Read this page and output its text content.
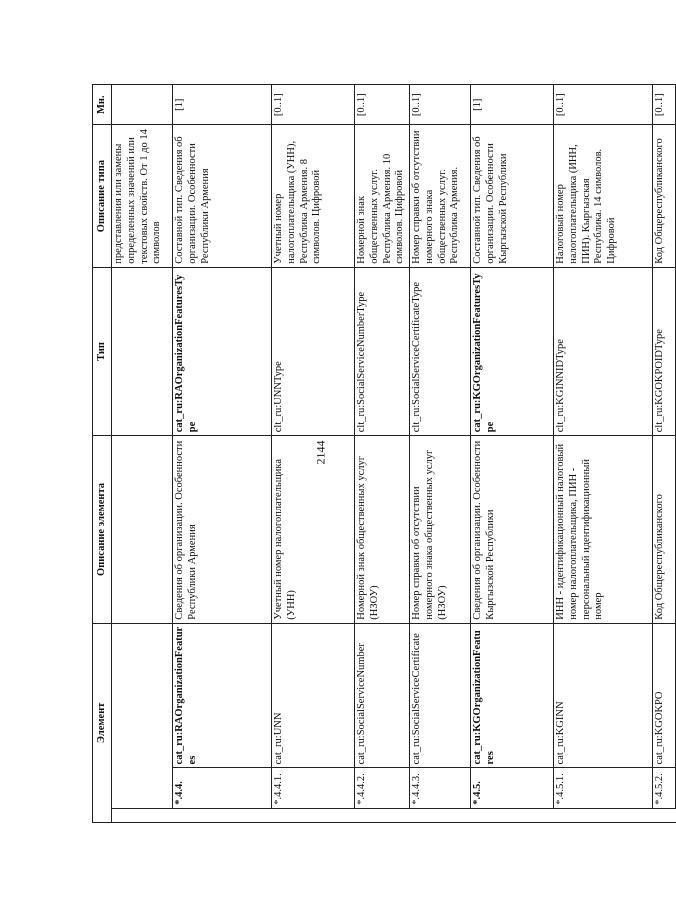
2144
Элемент			Описание элемента	Тип	Описание типа	Мн.
					представления или замены определенных значений или текстовых свойств. От 1 до 14 символов	
	*.4.4.	cat_ru:RAOrganizationFeatures	Сведения об организации. Особенности Республики Армения	cat_ru:RAOrganizationFeaturesType	Составной тип. Сведения об организации. Особенности Республики Армения	[1]
	*.4.4.1.	cat_ru:UNN	Учетный номер налогоплательщика (УНН)	clt_ru:UNNType	Учетный номер налогоплательщика (УНН), Республика Армения. 8 символов. Цифровой	[0..1]
	*.4.4.2.	cat_ru:SocialServiceNumber	Номерной знак общественных услуг (НЗОУ)	clt_ru:SocialServiceNumberType	Номерной знак общественных услуг. Республика Армения. 10 символов. Цифровой	[0..1]
	*.4.4.3.	cat_ru:SocialServiceCertificate	Номер справки об отсутствии номерного знака общественных услуг (НЗОУ)	clt_ru:SocialServiceCertificateType	Номер справки об отсутствии номерного знака общественных услуг. Республика Армения.	[0..1]
	*.4.5.	cat_ru:KGOrganizationFeatures	Сведения об организации. Особенности Кыргызской Республики	cat_ru:KGOrganizationFeaturesType	Составной тип. Сведения об организации. Особенности Кыргызской Республики	[1]
	*.4.5.1.	cat_ru:KGINN	ИНН - идентификационный налоговый номер налогоплательщика, ПИН - персональный идентификационный номер	clt_ru:KGINNIDType	Налоговый номер налогоплательщика (ИНН, ПИН). Кыргызская Республика. 14 символов. Цифровой	[0..1]
	*.4.5.2.	cat_ru:KGOKPO	Код Общереспубликанского	clt_ru:KGOKPOIDType	Код Общереспубликанского	[0..1]
